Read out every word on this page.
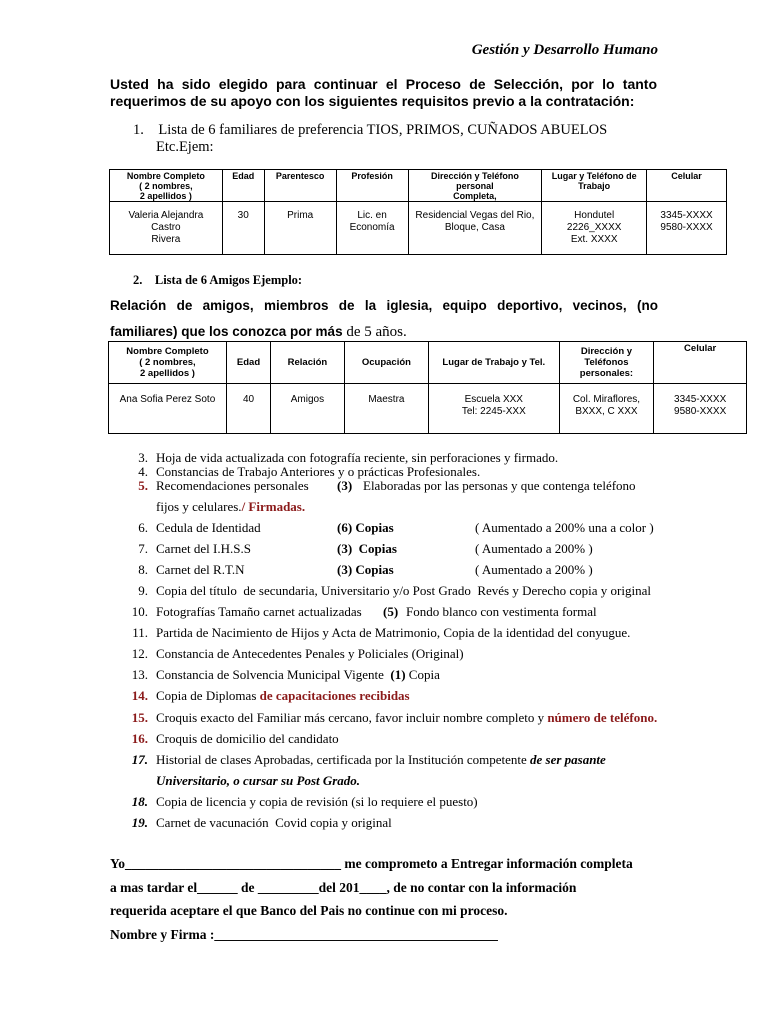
Gestión y Desarrollo Humano
Usted ha sido elegido para continuar el Proceso de Selección, por lo tanto requerimos de su apoyo con los siguientes requisitos previo a la contratación:
1. Lista de 6 familiares de preferencia TIOS, PRIMOS, CUÑADOS ABUELOS
Etc.Ejem:
Nombre Completo
( 2 nombres,
2 apellidos )	Edad	Parentesco	Profesión	Dirección y Teléfono
personal
Completa,	Lugar y Teléfono de
Trabajo	Celular
Valeria Alejandra
Castro
Rivera	30	Prima	Lic. en
Economía	Residencial Vegas del Rio,
Bloque, Casa	Hondutel
2226_XXXX
Ext. XXXX	3345-XXXX
9580-XXXX
2.    Lista de 6 Amigos Ejemplo:
Relación de amigos, miembros de la iglesia, equipo deportivo, vecinos, (no familiares) que los conozca por más de 5 años.
Nombre Completo
( 2 nombres,
2 apellidos )	Edad	Relación	Ocupación	Lugar de Trabajo y Tel.	Dirección y
Teléfonos
personales:	Celular
Ana Sofia Perez Soto	40	Amigos	Maestra	Escuela XXX
Tel: 2245-XXX	Col. Miraflores,
BXXX, C XXX	3345-XXXX
9580-XXXX
3. Hoja de vida actualizada con fotografía reciente, sin perforaciones y firmado.
4. Constancias de Trabajo Anteriores y o prácticas Profesionales.
5. Recomendaciones personales (3) Elaboradas por las personas y que contenga teléfono
fijos y celulares./ Firmadas.
6. Cedula de Identidad	(6) Copias	( Aumentado a 200% una a color )
7. Carnet del I.H.S.S	(3)  Copias	( Aumentado a 200% )
8. Carnet del R.T.N	(3) Copias	( Aumentado a 200% )
9. Copia del título  de secundaria, Universitario y/o Post Grado  Revés y Derecho copia y original
10. Fotografías Tamaño carnet actualizadas (5) Fondo blanco con vestimenta formal
11. Partida de Nacimiento de Hijos y Acta de Matrimonio, Copia de la identidad del conyugue.
12. Constancia de Antecedentes Penales y Policiales (Original)
13. Constancia de Solvencia Municipal Vigente (1) Copia
14. Copia de Diplomas de capacitaciones recibidas
15. Croquis exacto del Familiar más cercano, favor incluir nombre completo y número de teléfono.
16. Croquis de domicilio del candidato
17. Historial de clases Aprobadas, certificada por la Institución competente de ser pasante
Universitario, o cursar su Post Grado.
18. Copia de licencia y copia de revisión (si lo requiere el puesto)
19. Carnet de vacunación  Covid copia y original
Yo________________________________ me comprometo a Entregar información completa
a mas tardar el______ de _________del 201____, de no contar con la información
requerida aceptare el que Banco del Pais no continue con mi proceso.
Nombre y Firma :__________________________________________
